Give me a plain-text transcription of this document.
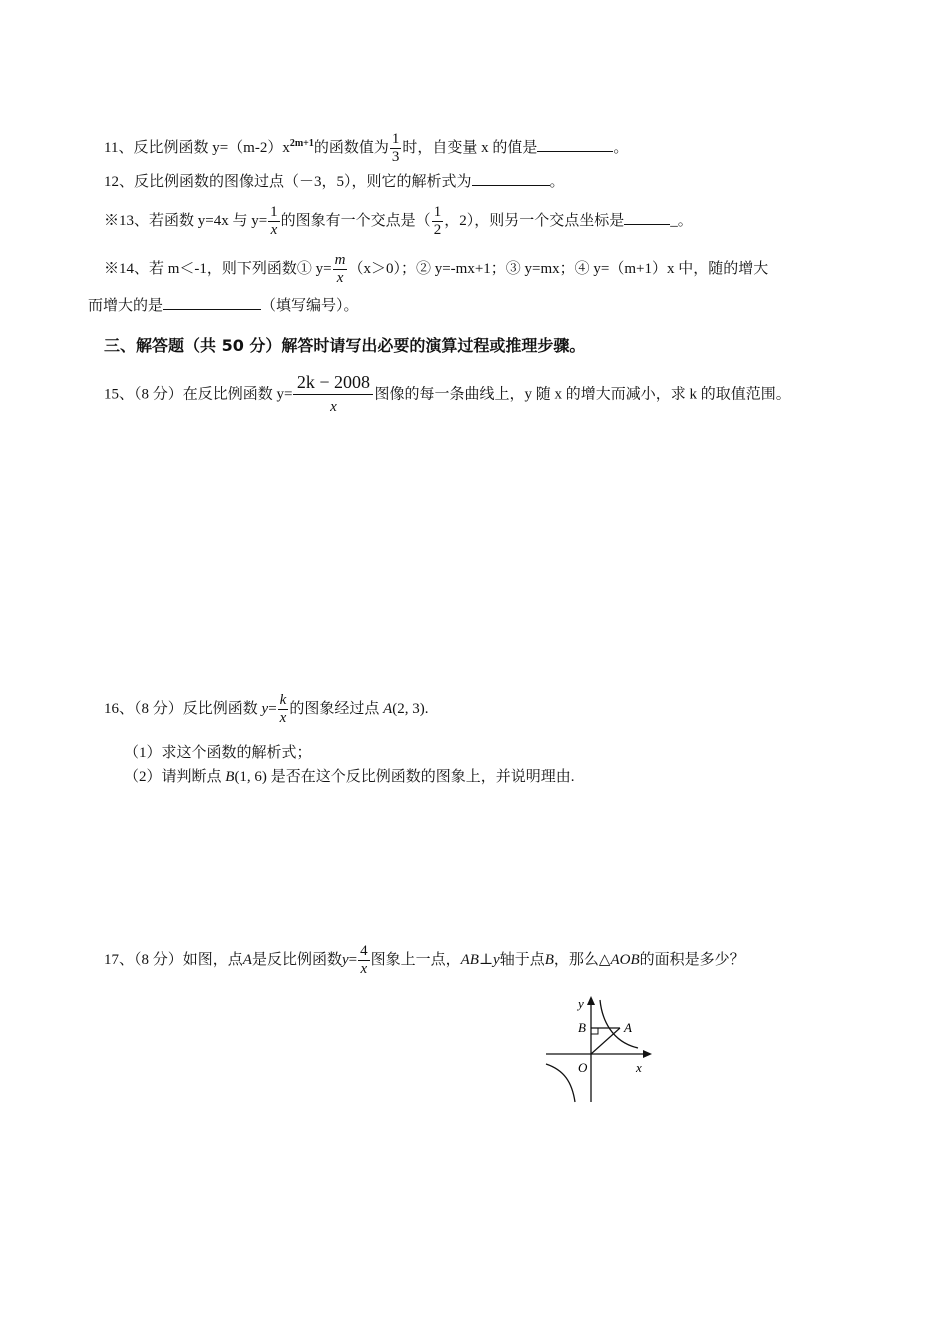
11、反比例函数 $y=(m-2)x^{2m+1}$的函数值为 $\frac{1}{3}$ 时，自变量 x 的值是	。
12、反比例函数的图像过点（－3，5），则它的解析式为	。
※13、若函数 y=4x 与 $y= \frac{1}{x}$ 的图象有一个交点是（ $\frac{1}{2}$ ，2），则另一个交点坐标是	_。
※14、若 m＜-1，则下列函数① $y= \frac{m}{x} (x>0)$；② y=-mx+1；③ y=mx；④ y=（m+1）x 中，随的增大
而增大的是	（填写编号）。
三、解答题（共 50 分）解答时请写出必要的演算过程或推理步骤。
15、（8 分）在反比例函数 $y= \frac{2k - 2008}{x}$ 图像的每一条曲线上，y 随 x 的增大而减小，求 k 的取值范围。
16、（8 分）反比例函数 $y= \frac{k}{x}$ 的图象经过点 A(2, 3).
（1）求这个函数的解析式；
（2）请判断点 B(1, 6) 是否在这个反比例函数的图象上，并说明理由.
17、（8 分）如图，点A是反比例函数$y= \frac{4}{x}$ 图象上一点，AB⊥y轴于点B，那么△AOB的面积是多少？
y
B	A
O	x
